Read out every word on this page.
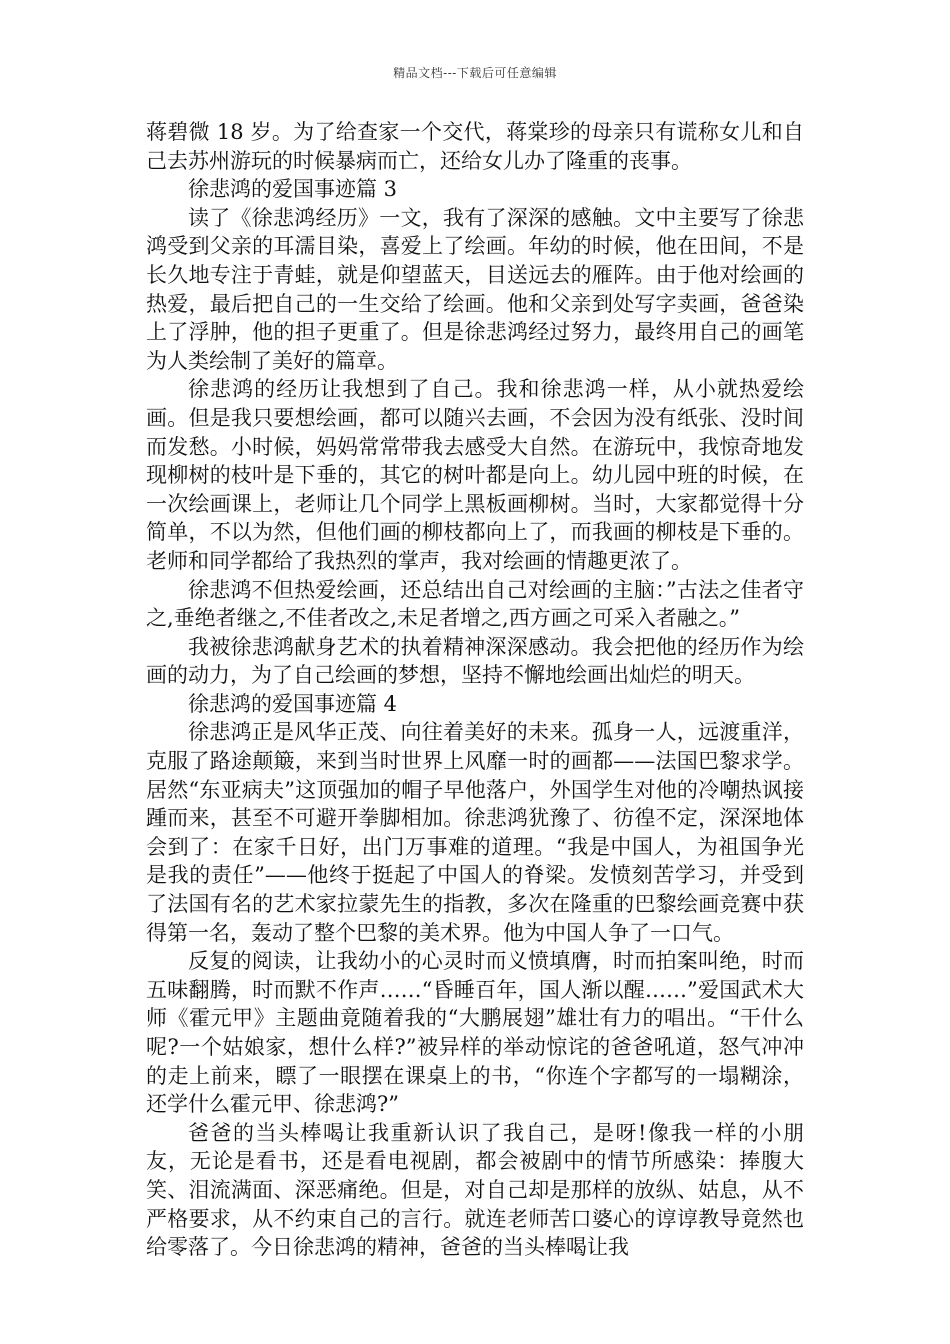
精品文档---下载后可任意编辑

蒋碧微 18 岁。为了给查家一个交代，蒋棠珍的母亲只有谎称女儿和自己去苏州游玩的时候暴病而亡，还给女儿办了隆重的丧事。

徐悲鸿的爱国事迹篇 3

读了《徐悲鸿经历》一文，我有了深深的感触。文中主要写了徐悲鸿受到父亲的耳濡目染，喜爱上了绘画。年幼的时候，他在田间，不是长久地专注于青蛙，就是仰望蓝天，目送远去的雁阵。由于他对绘画的热爱，最后把自己的一生交给了绘画。他和父亲到处写字卖画，爸爸染上了浮肿，他的担子更重了。但是徐悲鸿经过努力，最终用自己的画笔为人类绘制了美好的篇章。

徐悲鸿的经历让我想到了自己。我和徐悲鸿一样，从小就热爱绘画。但是我只要想绘画，都可以随兴去画，不会因为没有纸张、没时间而发愁。小时候，妈妈常常带我去感受大自然。在游玩中，我惊奇地发现柳树的枝叶是下垂的，其它的树叶都是向上。幼儿园中班的时候，在一次绘画课上，老师让几个同学上黑板画柳树。当时，大家都觉得十分简单，不以为然，但他们画的柳枝都向上了，而我画的柳枝是下垂的。老师和同学都给了我热烈的掌声，我对绘画的情趣更浓了。

徐悲鸿不但热爱绘画，还总结出自己对绘画的主脑：”古法之佳者守之,垂绝者继之,不佳者改之,未足者增之,西方画之可采入者融之。”

我被徐悲鸿献身艺术的执着精神深深感动。我会把他的经历作为绘画的动力，为了自己绘画的梦想，坚持不懈地绘画出灿烂的明天。

徐悲鸿的爱国事迹篇 4

徐悲鸿正是风华正茂、向往着美好的未来。孤身一人，远渡重洋，克服了路途颠簸，来到当时世界上风靡一时的画都——法国巴黎求学。居然“东亚病夫”这顶强加的帽子早他落户，外国学生对他的冷嘲热讽接踵而来，甚至不可避开拳脚相加。徐悲鸿犹豫了、彷徨不定，深深地体会到了：在家千日好，出门万事难的道理。“我是中国人，为祖国争光是我的责任”——他终于挺起了中国人的脊梁。发愤刻苦学习，并受到了法国有名的艺术家拉蒙先生的指教，多次在隆重的巴黎绘画竞赛中获得第一名，轰动了整个巴黎的美术界。他为中国人争了一口气。

反复的阅读，让我幼小的心灵时而义愤填膺，时而拍案叫绝，时而五味翻腾，时而默不作声……“昏睡百年，国人渐以醒……”爱国武术大师《霍元甲》主题曲竟随着我的“大鹏展翅”雄壮有力的唱出。“干什么呢?一个姑娘家，想什么样?”被异样的举动惊诧的爸爸吼道，怒气冲冲的走上前来，瞟了一眼摆在课桌上的书，“你连个字都写的一塌糊涂，还学什么霍元甲、徐悲鸿?”

爸爸的当头棒喝让我重新认识了我自己，是呀!像我一样的小朋友，无论是看书，还是看电视剧，都会被剧中的情节所感染：捧腹大笑、泪流满面、深恶痛绝。但是，对自己却是那样的放纵、姑息，从不严格要求，从不约束自己的言行。就连老师苦口婆心的谆谆教导竟然也给零落了。今日徐悲鸿的精神，爸爸的当头棒喝让我
